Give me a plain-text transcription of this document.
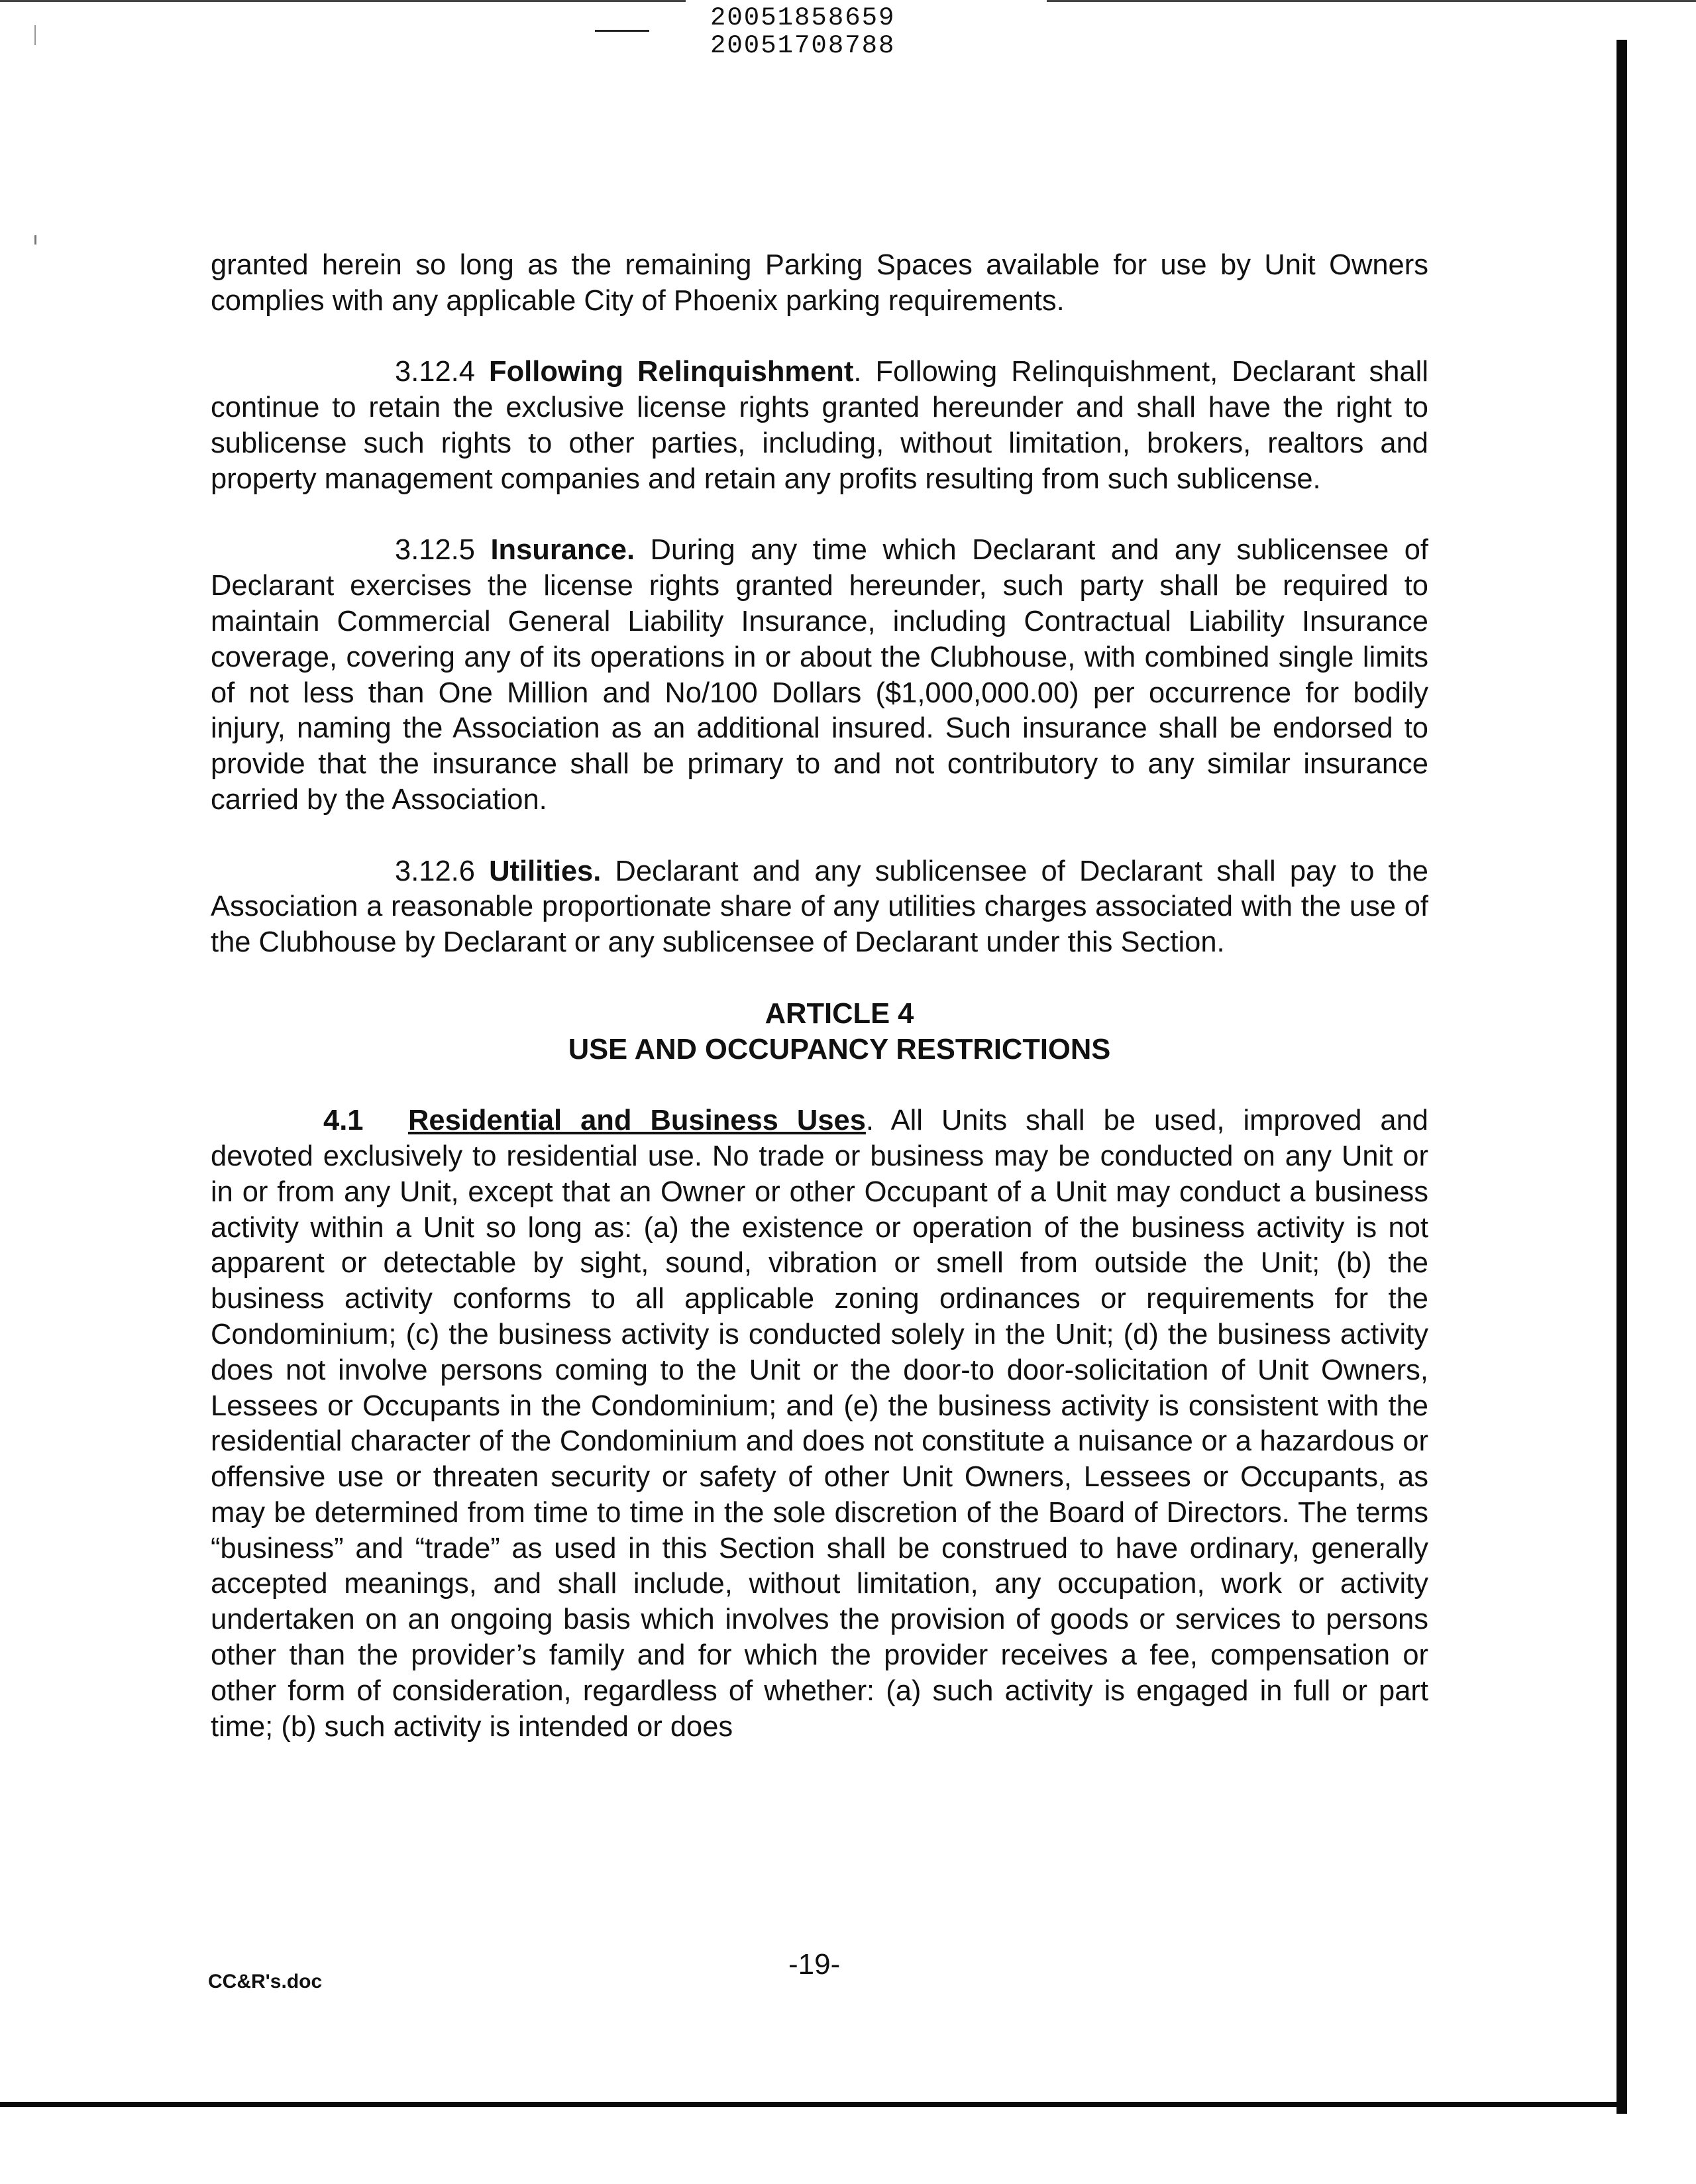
20051858659
20051708788

granted herein so long as the remaining Parking Spaces available for use by Unit Owners complies with any applicable City of Phoenix parking requirements.

3.12.4 Following Relinquishment. Following Relinquishment, Declarant shall continue to retain the exclusive license rights granted hereunder and shall have the right to sublicense such rights to other parties, including, without limitation, brokers, realtors and property management companies and retain any profits resulting from such sublicense.

3.12.5 Insurance. During any time which Declarant and any sublicensee of Declarant exercises the license rights granted hereunder, such party shall be required to maintain Commercial General Liability Insurance, including Contractual Liability Insurance coverage, covering any of its operations in or about the Clubhouse, with combined single limits of not less than One Million and No/100 Dollars ($1,000,000.00) per occurrence for bodily injury, naming the Association as an additional insured. Such insurance shall be endorsed to provide that the insurance shall be primary to and not contributory to any similar insurance carried by the Association.

3.12.6 Utilities. Declarant and any sublicensee of Declarant shall pay to the Association a reasonable proportionate share of any utilities charges associated with the use of the Clubhouse by Declarant or any sublicensee of Declarant under this Section.

ARTICLE 4
USE AND OCCUPANCY RESTRICTIONS

4.1 Residential and Business Uses. All Units shall be used, improved and devoted exclusively to residential use. No trade or business may be conducted on any Unit or in or from any Unit, except that an Owner or other Occupant of a Unit may conduct a business activity within a Unit so long as: (a) the existence or operation of the business activity is not apparent or detectable by sight, sound, vibration or smell from outside the Unit; (b) the business activity conforms to all applicable zoning ordinances or requirements for the Condominium; (c) the business activity is conducted solely in the Unit; (d) the business activity does not involve persons coming to the Unit or the door-to door-solicitation of Unit Owners, Lessees or Occupants in the Condominium; and (e) the business activity is consistent with the residential character of the Condominium and does not constitute a nuisance or a hazardous or offensive use or threaten security or safety of other Unit Owners, Lessees or Occupants, as may be determined from time to time in the sole discretion of the Board of Directors. The terms “business” and “trade” as used in this Section shall be construed to have ordinary, generally accepted meanings, and shall include, without limitation, any occupation, work or activity undertaken on an ongoing basis which involves the provision of goods or services to persons other than the provider’s family and for which the provider receives a fee, compensation or other form of consideration, regardless of whether: (a) such activity is engaged in full or part time; (b) such activity is intended or does

CC&R's.doc
-19-
